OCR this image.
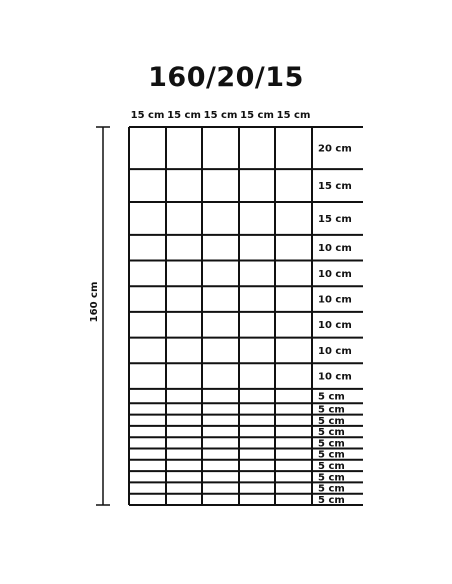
160/20/15
160 cm
15 cm 15 cm 15 cm 15 cm 15 cm
20 cm
15 cm
15 cm
10 cm
10 cm
10 cm
10 cm
10 cm
10 cm
5 cm
5 cm
5 cm
5 cm
5 cm
5 cm
5 cm
5 cm
5 cm
5 cm
